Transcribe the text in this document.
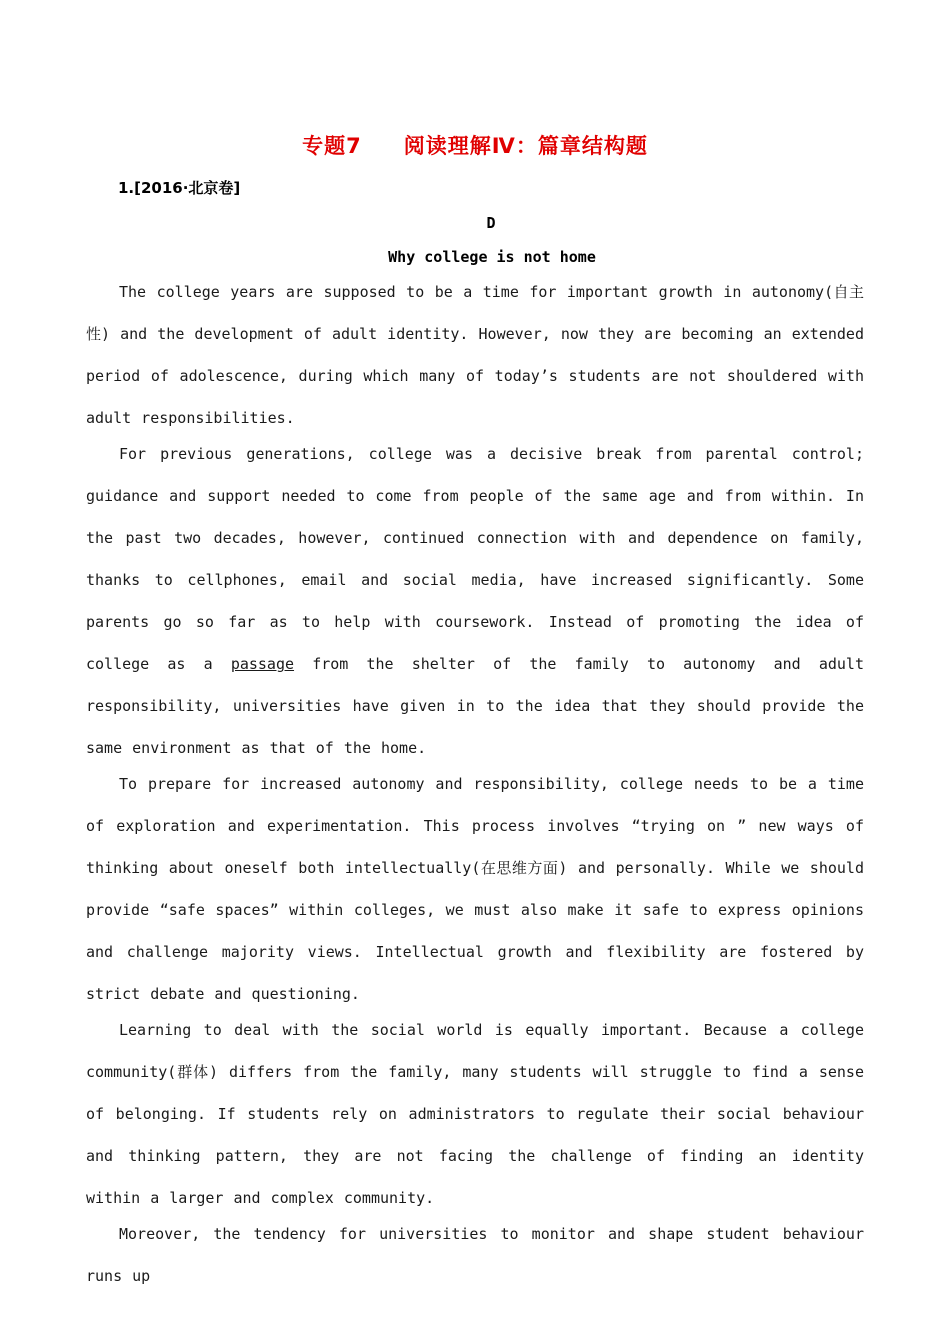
专题7 阅读理解Ⅳ：篇章结构题
1.[2016·北京卷]
D
Why college is not home

The college years are supposed to be a time for important growth in autonomy(自主性) and the development of adult identity. However, now they are becoming an extended period of adolescence, during which many of today’s students are not shouldered with adult responsibilities.

For previous generations, college was a decisive break from parental control; guidance and support needed to come from people of the same age and from within. In the past two decades, however, continued connection with and dependence on family, thanks to cellphones, email and social media, have increased significantly. Some parents go so far as to help with coursework. Instead of promoting the idea of college as a passage from the shelter of the family to autonomy and adult responsibility, universities have given in to the idea that they should provide the same environment as that of the home.

To prepare for increased autonomy and responsibility, college needs to be a time of exploration and experimentation. This process involves “trying on ” new ways of thinking about oneself both intellectually(在思维方面) and personally. While we should provide “safe spaces” within colleges, we must also make it safe to express opinions and challenge majority views. Intellectual growth and flexibility are fostered by strict debate and questioning.

Learning to deal with the social world is equally important. Because a college community(群体) differs from the family, many students will struggle to find a sense of belonging. If students rely on administrators to regulate their social behaviour and thinking pattern, they are not facing the challenge of finding an identity within a larger and complex community.

Moreover, the tendency for universities to monitor and shape student behaviour runs up
